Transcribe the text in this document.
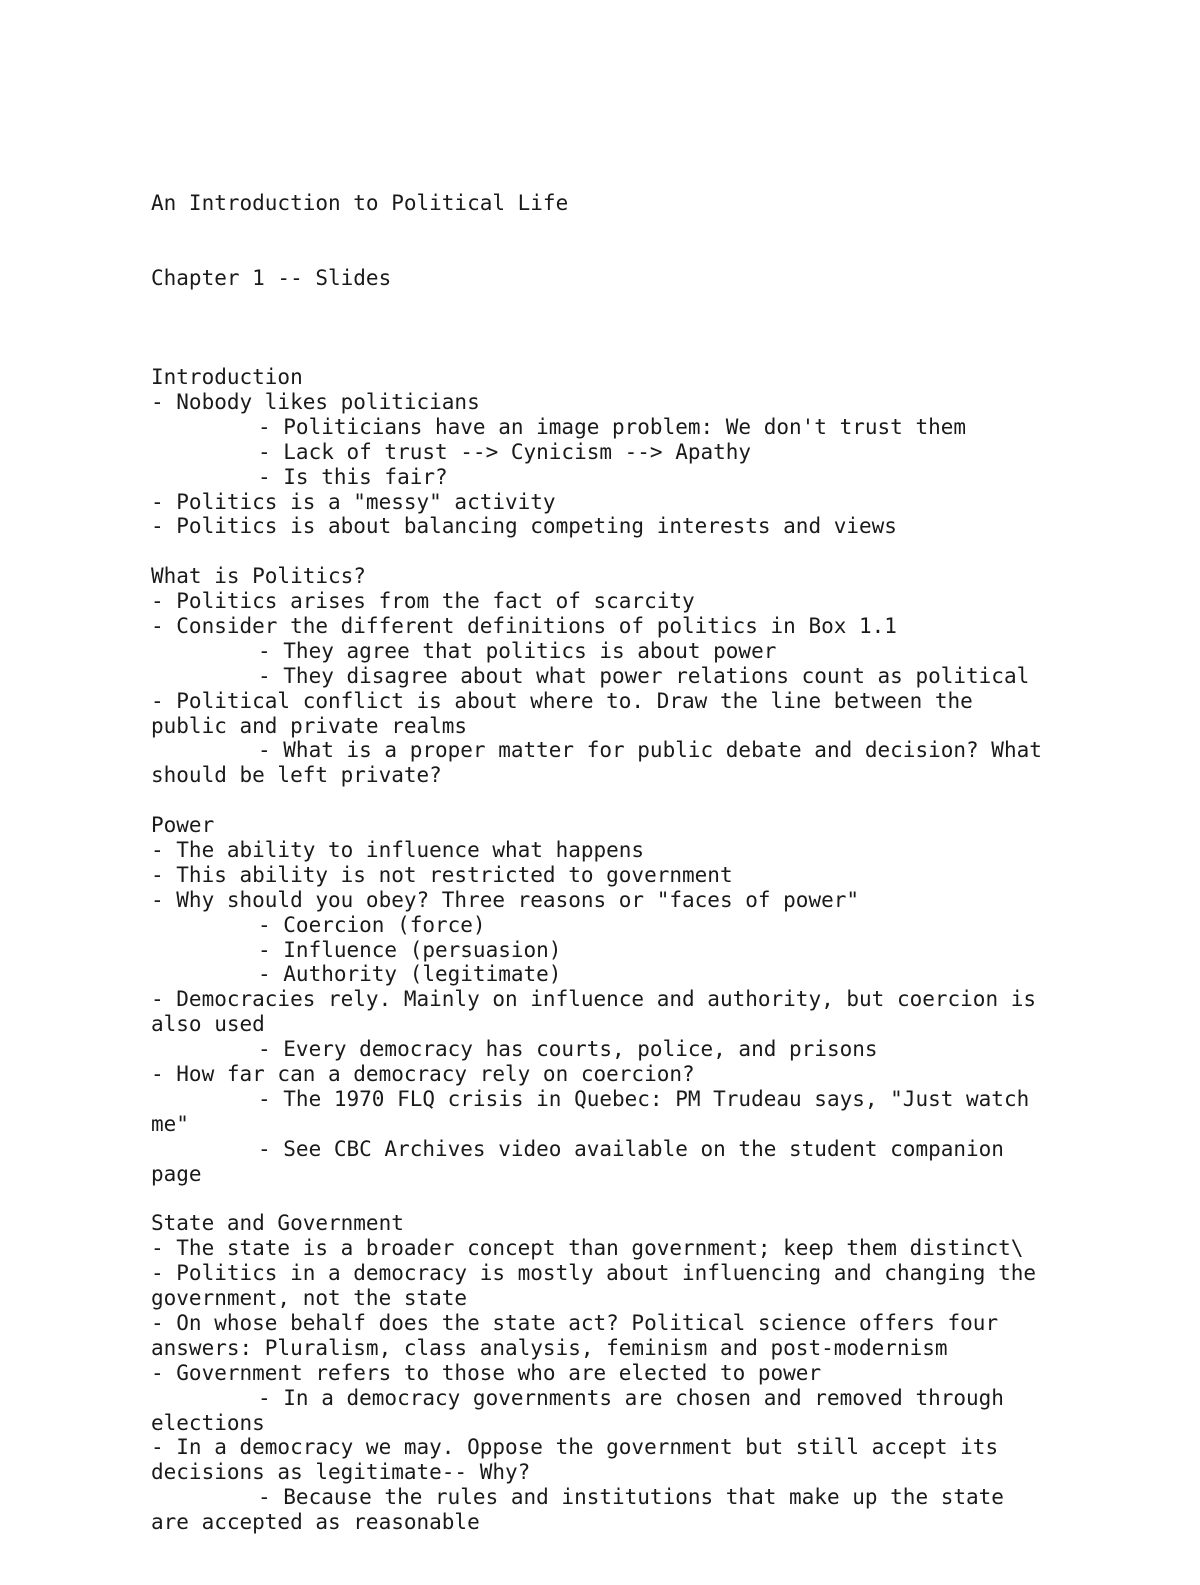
An Introduction to Political Life

Chapter 1 -- Slides

Introduction
- Nobody likes politicians
- Politicians have an image problem: We don't trust them
- Lack of trust --> Cynicism --> Apathy
- Is this fair?
- Politics is a "messy" activity
- Politics is about balancing competing interests and views
What is Politics?
- Politics arises from the fact of scarcity
- Consider the different definitions of politics in Box 1.1
- They agree that politics is about power
- They disagree about what power relations count as political
- Political conflict is about where to. Draw the line between the
public and private realms
- What is a proper matter for public debate and decision? What
should be left private?
Power
- The ability to influence what happens
- This ability is not restricted to government
- Why should you obey? Three reasons or "faces of power"
- Coercion (force)
- Influence (persuasion)
- Authority (legitimate)
- Democracies rely. Mainly on influence and authority, but coercion is
also used
- Every democracy has courts, police, and prisons
- How far can a democracy rely on coercion?
- The 1970 FLQ crisis in Quebec: PM Trudeau says, "Just watch
me"
- See CBC Archives video available on the student companion
page
State and Government
- The state is a broader concept than government; keep them distinct\
- Politics in a democracy is mostly about influencing and changing the
government, not the state
- On whose behalf does the state act? Political science offers four
answers: Pluralism, class analysis, feminism and post-modernism
- Government refers to those who are elected to power
- In a democracy governments are chosen and removed through
elections
- In a democracy we may. Oppose the government but still accept its
decisions as legitimate-- Why?
- Because the rules and institutions that make up the state
are accepted as reasonable
